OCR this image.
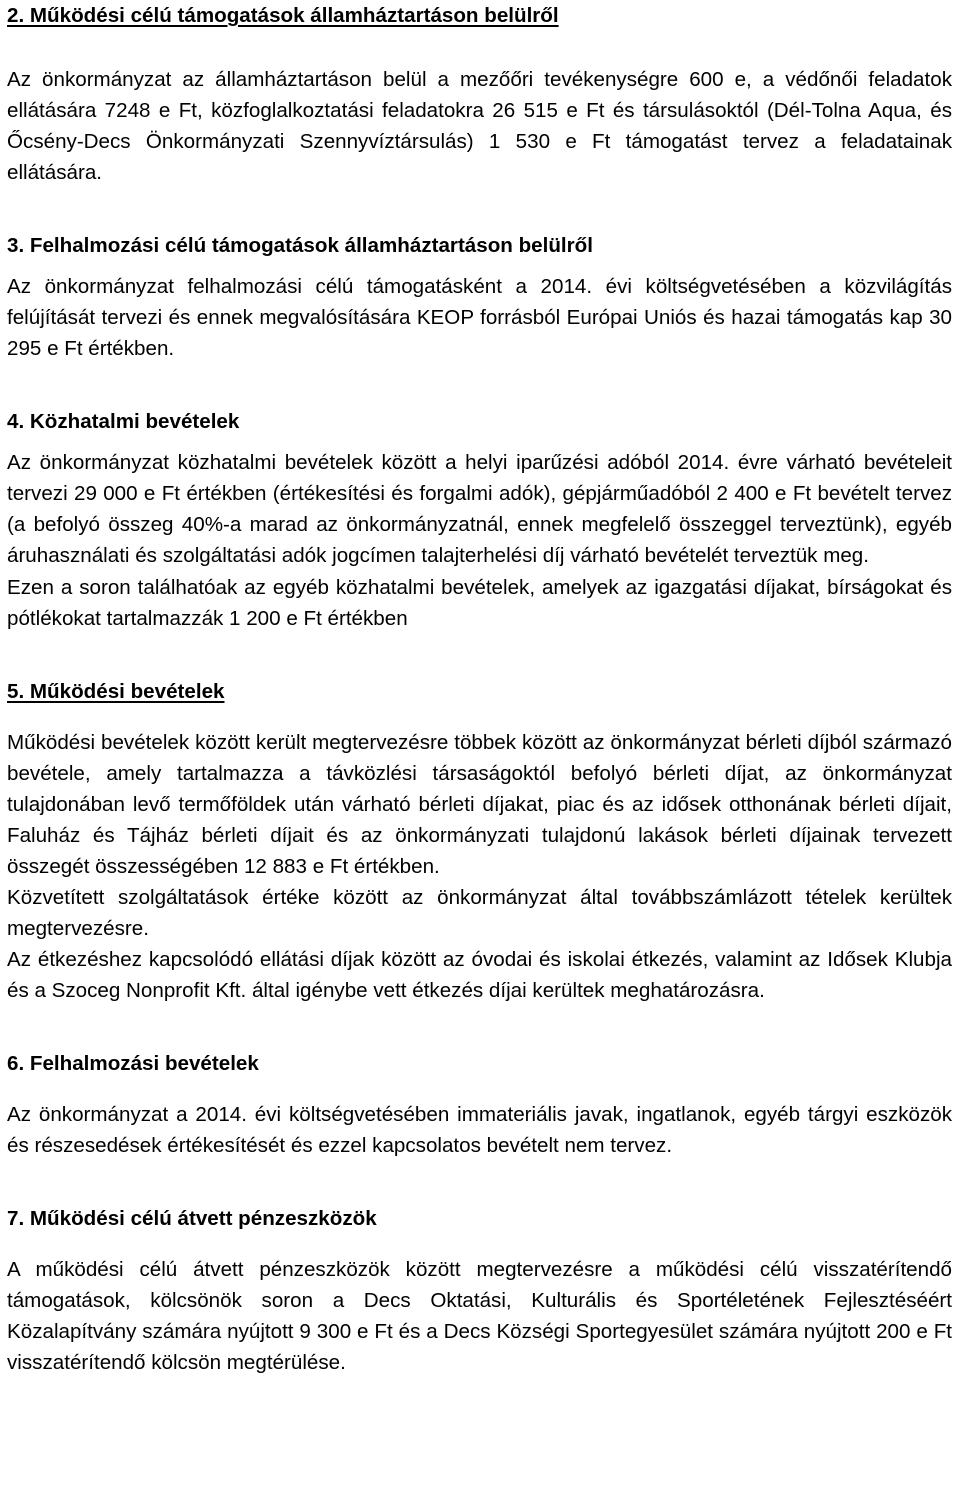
2. Működési célú támogatások államháztartáson belülről

Az önkormányzat az államháztartáson belül a mezőőri tevékenységre 600 e, a védőnői feladatok ellátására 7248 e Ft, közfoglalkoztatási feladatokra 26 515 e Ft és társulásoktól (Dél-Tolna Aqua, és Őcsény-Decs Önkormányzati Szennyvíztársulás) 1 530 e Ft támogatást tervez a feladatainak ellátására.

3. Felhalmozási célú támogatások államháztartáson belülről

Az önkormányzat felhalmozási célú támogatásként a 2014. évi költségvetésében a közvilágítás felújítását tervezi és ennek megvalósítására KEOP forrásból Európai Uniós és hazai támogatás kap 30 295 e Ft értékben.

4. Közhatalmi bevételek

Az önkormányzat közhatalmi bevételek között a helyi iparűzési adóból 2014. évre várható bevételeit tervezi 29 000 e Ft értékben (értékesítési és forgalmi adók), gépjárműadóból 2 400 e Ft bevételt tervez (a befolyó összeg 40%-a marad az önkormányzatnál, ennek megfelelő összeggel terveztünk), egyéb áruhasználati és szolgáltatási adók jogcímen talajterhelési díj várható bevételét terveztük meg.

Ezen a soron találhatóak az egyéb közhatalmi bevételek, amelyek az igazgatási díjakat, bírságokat és pótlékokat tartalmazzák 1 200 e Ft értékben

5. Működési bevételek

Működési bevételek között került megtervezésre többek között az önkormányzat bérleti díjból származó bevétele, amely tartalmazza a távközlési társaságoktól befolyó bérleti díjat, az önkormányzat tulajdonában levő termőföldek után várható bérleti díjakat, piac és az idősek otthonának bérleti díjait, Faluház és Tájház bérleti díjait és az önkormányzati tulajdonú lakások bérleti díjainak tervezett összegét összességében 12 883 e Ft értékben.

Közvetített szolgáltatások értéke között az önkormányzat által továbbszámlázott tételek kerültek megtervezésre.

Az étkezéshez kapcsolódó ellátási díjak között az óvodai és iskolai étkezés, valamint az Idősek Klubja és a Szoceg Nonprofit Kft. által igénybe vett étkezés díjai kerültek meghatározásra.

6. Felhalmozási bevételek

Az önkormányzat a 2014. évi költségvetésében immateriális javak, ingatlanok, egyéb tárgyi eszközök és részesedések értékesítését és ezzel kapcsolatos bevételt nem tervez.

7. Működési célú átvett pénzeszközök

A működési célú átvett pénzeszközök között megtervezésre a működési célú visszatérítendő támogatások, kölcsönök soron a Decs Oktatási, Kulturális és Sportéletének Fejlesztéséért Közalapítvány számára nyújtott 9 300 e Ft és a Decs Községi Sportegyesület számára nyújtott 200 e Ft visszatérítendő kölcsön megtérülése.
